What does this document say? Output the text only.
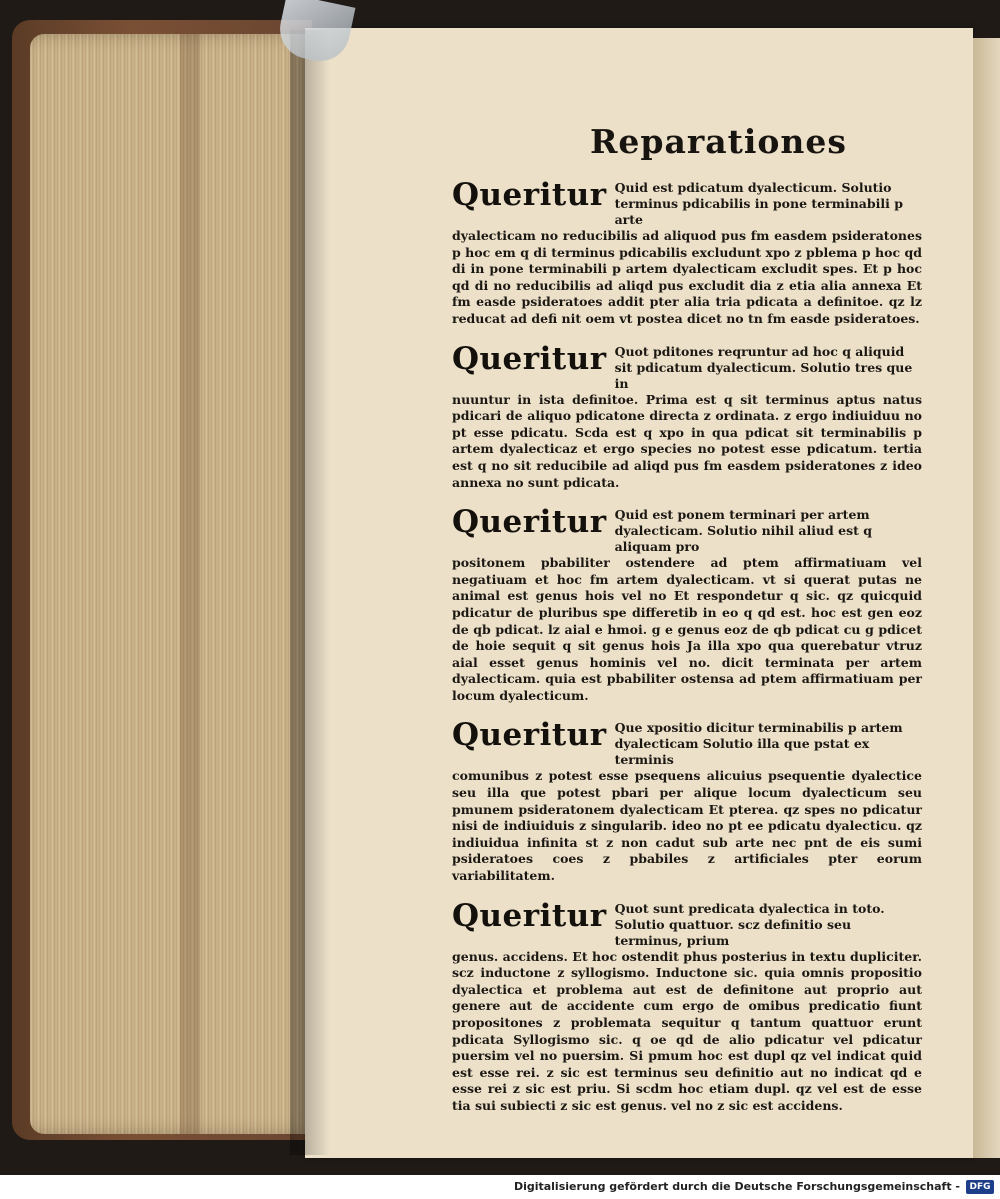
Reparationes
Queritur Quid est pdicatum dyalecticum. Solutio terminus pdicabilis in pone terminabili p arte

dyalecticam no reducibilis ad aliquod pus fm easdem psideratones p hoc em q di terminus pdicabilis excludunt xpo z pblema p hoc qd di in pone terminabili p artem dyalecticam excludit spes. Et p hoc qd di no reducibilis ad aliqd pus excludit dia z etia alia annexa Et fm easde psideratoes addit pter alia tria pdicata a definitoe. qz lz reducat ad defi nit oem vt postea dicet no tn fm easde psideratoes.

Queritur Quot pditones reqruntur ad hoc q aliquid sit pdicatum dyalecticum. Solutio tres que in

nuuntur in ista definitoe. Prima est q sit terminus aptus natus pdicari de aliquo pdicatone directa z ordinata. z ergo indiuiduu no pt esse pdicatu. Scda est q xpo in qua pdicat sit terminabilis p artem dyalecticaz et ergo species no potest esse pdicatum. tertia est q no sit reducibile ad aliqd pus fm easdem psideratones z ideo annexa no sunt pdicata.

Queritur Quid est ponem terminari per artem dyalecticam. Solutio nihil aliud est q aliquam pro

positonem pbabiliter ostendere ad ptem affirmatiuam vel negatiuam et hoc fm artem dyalecticam. vt si querat putas ne animal est genus hois vel no Et respondetur q sic. qz quicquid pdicatur de pluribus spe differetib in eo q qd est. hoc est gen eoz de qb pdicat. lz aial e hmoi. g e genus eoz de qb pdicat cu g pdicet de hoie sequit q sit genus hois Ja illa xpo qua querebatur vtruz aial esset genus hominis vel no. dicit terminata per artem dyalecticam. quia est pbabiliter ostensa ad ptem affirmatiuam per locum dyalecticum.

Queritur Que xpositio dicitur terminabilis p artem dyalecticam Solutio illa que pstat ex terminis

comunibus z potest esse psequens alicuius psequentie dyalectice seu illa que potest pbari per alique locum dyalecticum seu pmunem psideratonem dyalecticam Et pterea. qz spes no pdicatur nisi de indiuiduis z singularib. ideo no pt ee pdicatu dyalecticu. qz indiuidua infinita st z non cadut sub arte nec pnt de eis sumi psideratoes coes z pbabiles z artificiales pter eorum variabilitatem.

Queritur Quot sunt predicata dyalectica in toto. Solutio quattuor. scz definitio seu terminus, prium

genus. accidens. Et hoc ostendit phus posterius in textu dupliciter. scz inductone z syllogismo. Inductone sic. quia omnis propositio dyalectica et problema aut est de definitone aut proprio aut genere aut de accidente cum ergo de omibus predicatio fiunt propositones z problemata sequitur q tantum quattuor erunt pdicata Syllogismo sic. q oe qd de alio pdicatur vel pdicatur puersim vel no puersim. Si pmum hoc est dupl qz vel indicat quid est esse rei. z sic est terminus seu definitio aut no indicat qd e esse rei z sic est priu. Si scdm hoc etiam dupl. qz vel est de esse tia sui subiecti z sic est genus. vel no z sic est accidens.

Digitalisierung gefördert durch die Deutsche Forschungsgemeinschaft -	DFG
